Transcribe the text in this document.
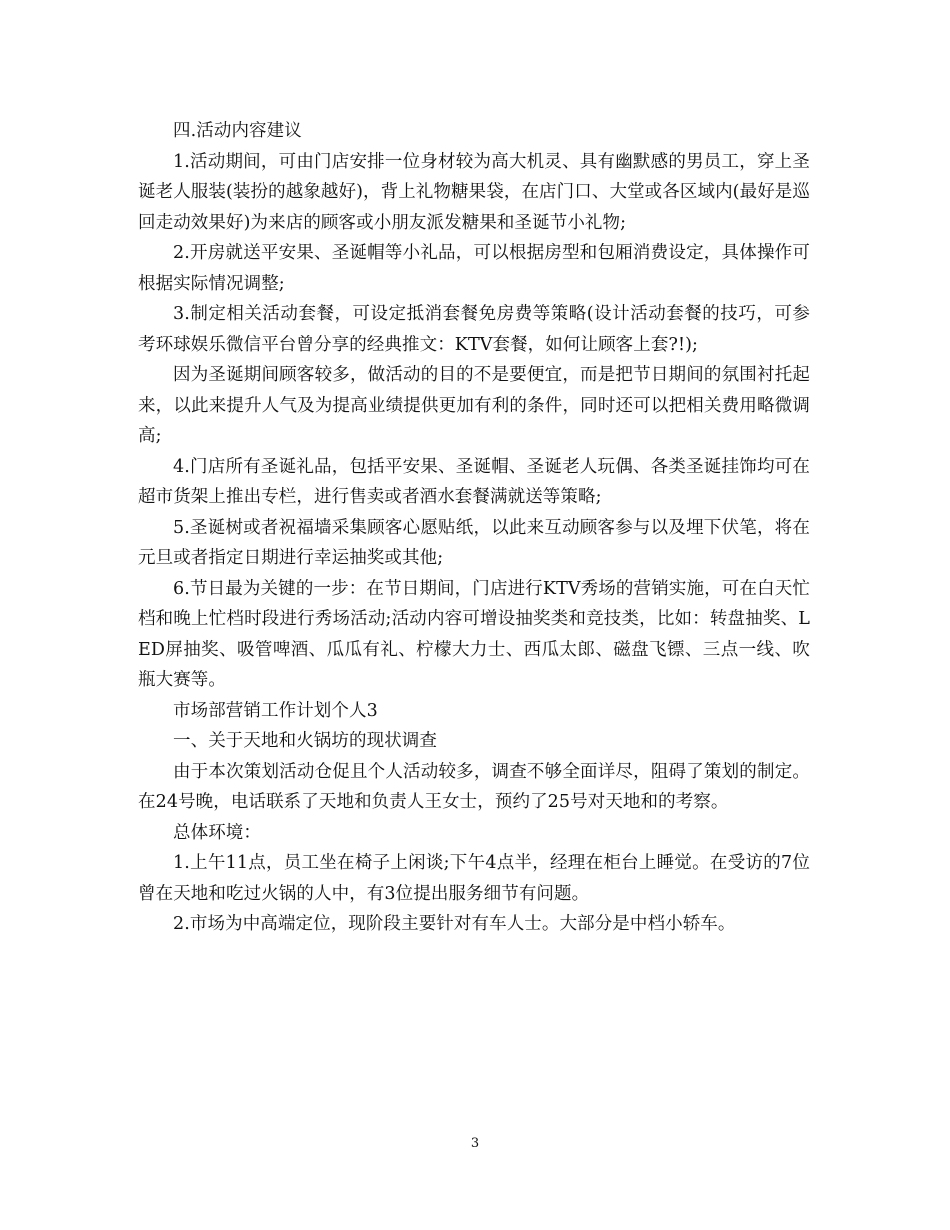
四.活动内容建议

1.活动期间，可由门店安排一位身材较为高大机灵、具有幽默感的男员工，穿上圣诞老人服装(装扮的越象越好)，背上礼物糖果袋，在店门口、大堂或各区域内(最好是巡回走动效果好)为来店的顾客或小朋友派发糖果和圣诞节小礼物;

2.开房就送平安果、圣诞帽等小礼品，可以根据房型和包厢消费设定，具体操作可根据实际情况调整;

3.制定相关活动套餐，可设定抵消套餐免房费等策略(设计活动套餐的技巧，可参考环球娱乐微信平台曾分享的经典推文：KTV套餐，如何让顾客上套?!);

因为圣诞期间顾客较多，做活动的目的不是要便宜，而是把节日期间的氛围衬托起来，以此来提升人气及为提高业绩提供更加有利的条件，同时还可以把相关费用略微调高;

4.门店所有圣诞礼品，包括平安果、圣诞帽、圣诞老人玩偶、各类圣诞挂饰均可在超市货架上推出专栏，进行售卖或者酒水套餐满就送等策略;

5.圣诞树或者祝福墙采集顾客心愿贴纸，以此来互动顾客参与以及埋下伏笔，将在元旦或者指定日期进行幸运抽奖或其他;

6.节日最为关键的一步：在节日期间，门店进行KTV秀场的营销实施，可在白天忙档和晚上忙档时段进行秀场活动;活动内容可增设抽奖类和竞技类，比如：转盘抽奖、LED屏抽奖、吸管啤酒、瓜瓜有礼、柠檬大力士、西瓜太郎、磁盘飞镖、三点一线、吹瓶大赛等。

市场部营销工作计划个人3

一、关于天地和火锅坊的现状调查

由于本次策划活动仓促且个人活动较多，调查不够全面详尽，阻碍了策划的制定。在24号晚，电话联系了天地和负责人王女士，预约了25号对天地和的考察。

总体环境：

1.上午11点，员工坐在椅子上闲谈;下午4点半，经理在柜台上睡觉。在受访的7位曾在天地和吃过火锅的人中，有3位提出服务细节有问题。

2.市场为中高端定位，现阶段主要针对有车人士。大部分是中档小轿车。

3
